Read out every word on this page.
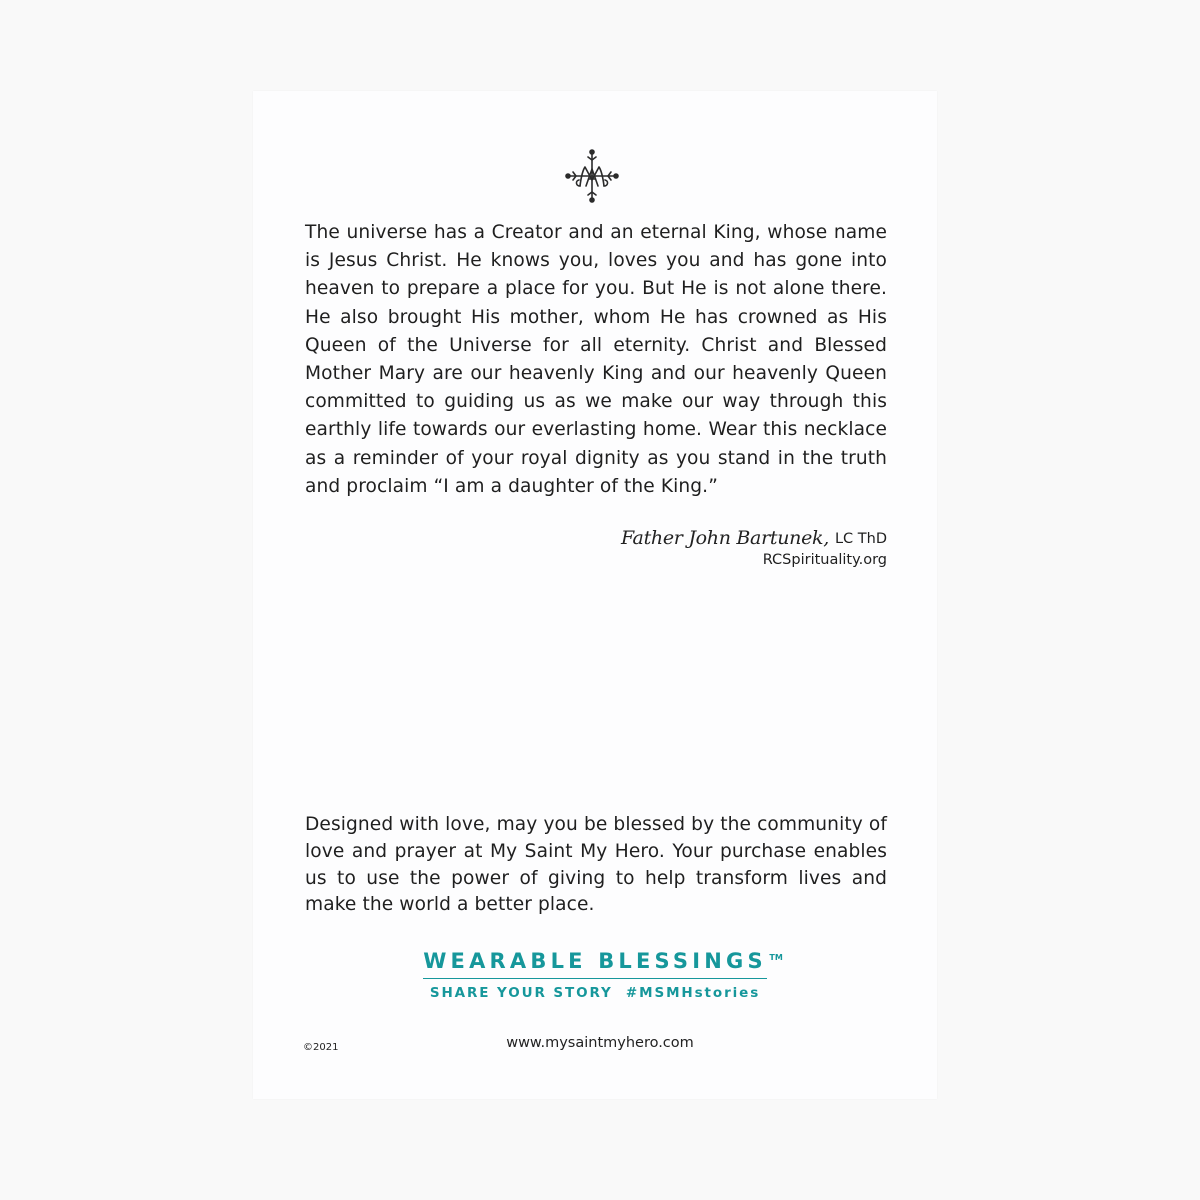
The universe has a Creator and an eternal King, whose name is Jesus Christ. He knows you, loves you and has gone into heaven to prepare a place for you. But He is not alone there. He also brought His mother, whom He has crowned as His Queen of the Universe for all eternity. Christ and Blessed Mother Mary are our heavenly King and our heavenly Queen committed to guiding us as we make our way through this earthly life towards our everlasting home. Wear this necklace as a reminder of your royal dignity as you stand in the truth and proclaim “I am a daughter of the King.”
Father John Bartunek, LC ThD
RCSpirituality.org
Designed with love, may you be blessed by the community of love and prayer at My Saint My Hero. Your purchase enables us to use the power of giving to help transform lives and make the world a better place.
WEARABLE BLESSINGS TM
SHARE YOUR STORY  #MSMHstories
©2021	www.mysaintmyhero.com
